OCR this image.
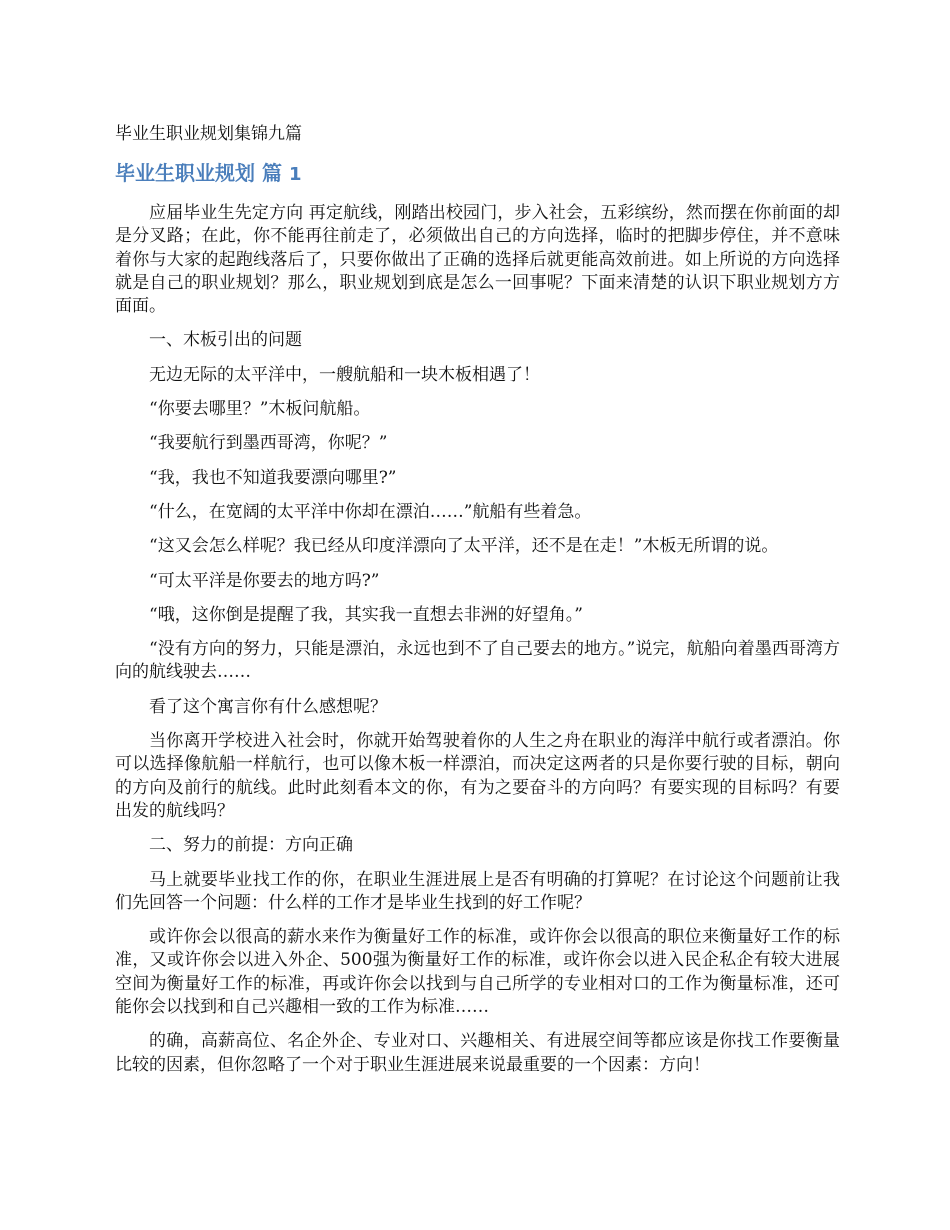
毕业生职业规划集锦九篇
毕业生职业规划 篇 1

应届毕业生先定方向 再定航线，刚踏出校园门，步入社会，五彩缤纷，然而摆在你前面的却是分叉路；在此，你不能再往前走了，必须做出自己的方向选择，临时的把脚步停住，并不意味着你与大家的起跑线落后了，只要你做出了正确的选择后就更能高效前进。如上所说的方向选择就是自己的职业规划？那么，职业规划到底是怎么一回事呢？下面来清楚的认识下职业规划方方面面。

一、木板引出的问题

无边无际的太平洋中，一艘航船和一块木板相遇了！

“你要去哪里？”木板问航船。

“我要航行到墨西哥湾，你呢？”

“我，我也不知道我要漂向哪里?”

“什么，在宽阔的太平洋中你却在漂泊……”航船有些着急。

“这又会怎么样呢？我已经从印度洋漂向了太平洋，还不是在走！”木板无所谓的说。

“可太平洋是你要去的地方吗?”

“哦，这你倒是提醒了我，其实我一直想去非洲的好望角。”

“没有方向的努力，只能是漂泊，永远也到不了自己要去的地方。”说完，航船向着墨西哥湾方向的航线驶去……

看了这个寓言你有什么感想呢？

当你离开学校进入社会时，你就开始驾驶着你的人生之舟在职业的海洋中航行或者漂泊。你可以选择像航船一样航行，也可以像木板一样漂泊，而决定这两者的只是你要行驶的目标，朝向的方向及前行的航线。此时此刻看本文的你，有为之要奋斗的方向吗？有要实现的目标吗？有要出发的航线吗？

二、努力的前提：方向正确

马上就要毕业找工作的你，在职业生涯进展上是否有明确的打算呢？在讨论这个问题前让我们先回答一个问题：什么样的工作才是毕业生找到的好工作呢？

或许你会以很高的薪水来作为衡量好工作的标准，或许你会以很高的职位来衡量好工作的标准，又或许你会以进入外企、500强为衡量好工作的标准，或许你会以进入民企私企有较大进展空间为衡量好工作的标准，再或许你会以找到与自己所学的专业相对口的工作为衡量标准，还可能你会以找到和自己兴趣相一致的工作为标准……

的确，高薪高位、名企外企、专业对口、兴趣相关、有进展空间等都应该是你找工作要衡量比较的因素，但你忽略了一个对于职业生涯进展来说最重要的一个因素：方向！
